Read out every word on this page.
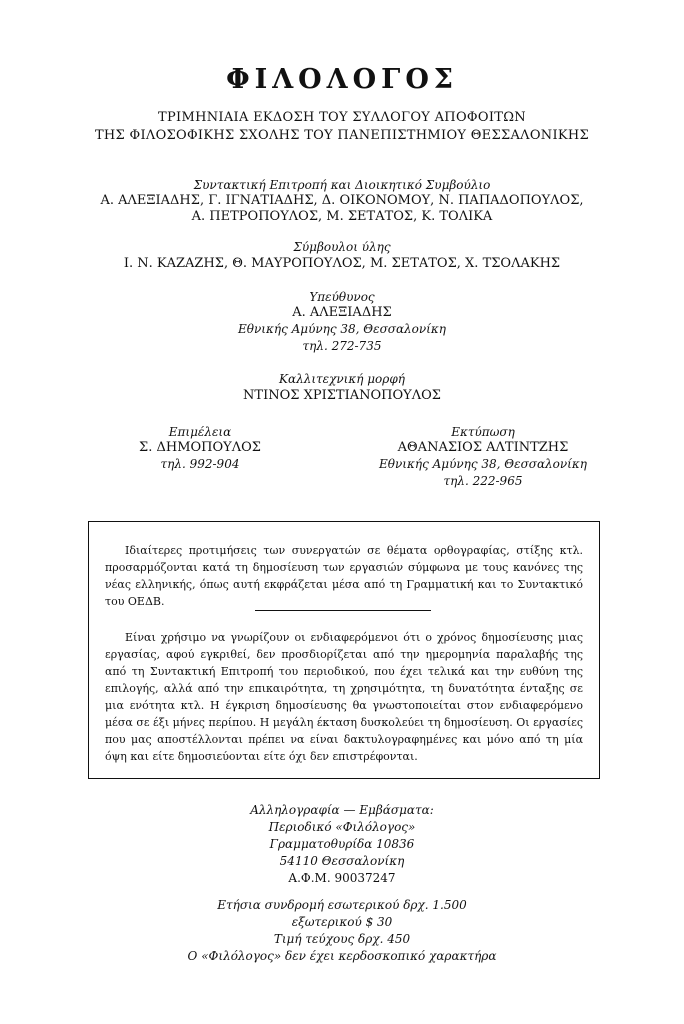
ΦΙΛΟΛΟΓΟΣ
ΤΡΙΜΗΝΙΑΙΑ ΕΚΔΟΣΗ ΤΟΥ ΣΥΛΛΟΓΟΥ ΑΠΟΦΟΙΤΩΝ
ΤΗΣ ΦΙΛΟΣΟΦΙΚΗΣ ΣΧΟΛΗΣ ΤΟΥ ΠΑΝΕΠΙΣΤΗΜΙΟΥ ΘΕΣΣΑΛΟΝΙΚΗΣ
Συντακτική Επιτροπή και Διοικητικό Συμβούλιο
Α. ΑΛΕΞΙΑΔΗΣ, Γ. ΙΓΝΑΤΙΑΔΗΣ, Δ. ΟΙΚΟΝΟΜΟΥ, Ν. ΠΑΠΑΔΟΠΟΥΛΟΣ,
Α. ΠΕΤΡΟΠΟΥΛΟΣ, Μ. ΣΕΤΑΤΟΣ, Κ. ΤΟΛΙΚΑ
Σύμβουλοι ύλης
Ι. Ν. ΚΑΖΑΖΗΣ, Θ. ΜΑΥΡΟΠΟΥΛΟΣ, Μ. ΣΕΤΑΤΟΣ, Χ. ΤΣΟΛΑΚΗΣ
Υπεύθυνος
Α. ΑΛΕΞΙΑΔΗΣ
Εθνικής Αμύνης 38, Θεσσαλονίκη
τηλ. 272-735
Καλλιτεχνική μορφή
ΝΤΙΝΟΣ ΧΡΙΣΤΙΑΝΟΠΟΥΛΟΣ
Επιμέλεια
Σ. ΔΗΜΟΠΟΥΛΟΣ
τηλ. 992-904
Εκτύπωση
ΑΘΑΝΑΣΙΟΣ ΑΛΤΙΝΤΖΗΣ
Εθνικής Αμύνης 38, Θεσσαλονίκη
τηλ. 222-965

Ιδιαίτερες προτιμήσεις των συνεργατών σε θέματα ορθογραφίας, στίξης κτλ. προσαρμόζονται κατά τη δημοσίευση των εργασιών σύμφωνα με τους κανόνες της νέας ελληνικής, όπως αυτή εκφράζεται μέσα από τη Γραμματική και το Συντακτικό του ΟΕΔΒ.

Είναι χρήσιμο να γνωρίζουν οι ενδιαφερόμενοι ότι ο χρόνος δημοσίευσης μιας εργασίας, αφού εγκριθεί, δεν προσδιορίζεται από την ημερομηνία παραλαβής της από τη Συντακτική Επιτροπή του περιοδικού, που έχει τελικά και την ευθύνη της επιλογής, αλλά από την επικαιρότητα, τη χρησιμότητα, τη δυνατότητα ένταξης σε μια ενότητα κτλ. Η έγκριση δημοσίευσης θα γνωστοποιείται στον ενδιαφερόμενο μέσα σε έξι μήνες περίπου. Η μεγάλη έκταση δυσκολεύει τη δημοσίευση. Οι εργασίες που μας αποστέλλονται πρέπει να είναι δακτυλογραφημένες και μόνο από τη μία όψη και είτε δημοσιεύονται είτε όχι δεν επιστρέφονται.

Αλληλογραφία — Εμβάσματα:
Περιοδικό «Φιλόλογος»
Γραμματοθυρίδα 10836
54110 Θεσσαλονίκη
Α.Φ.Μ. 90037247
Ετήσια συνδρομή εσωτερικού δρχ. 1.500
εξωτερικού $ 30
Τιμή τεύχους δρχ. 450
Ο «Φιλόλογος» δεν έχει κερδοσκοπικό χαρακτήρα
